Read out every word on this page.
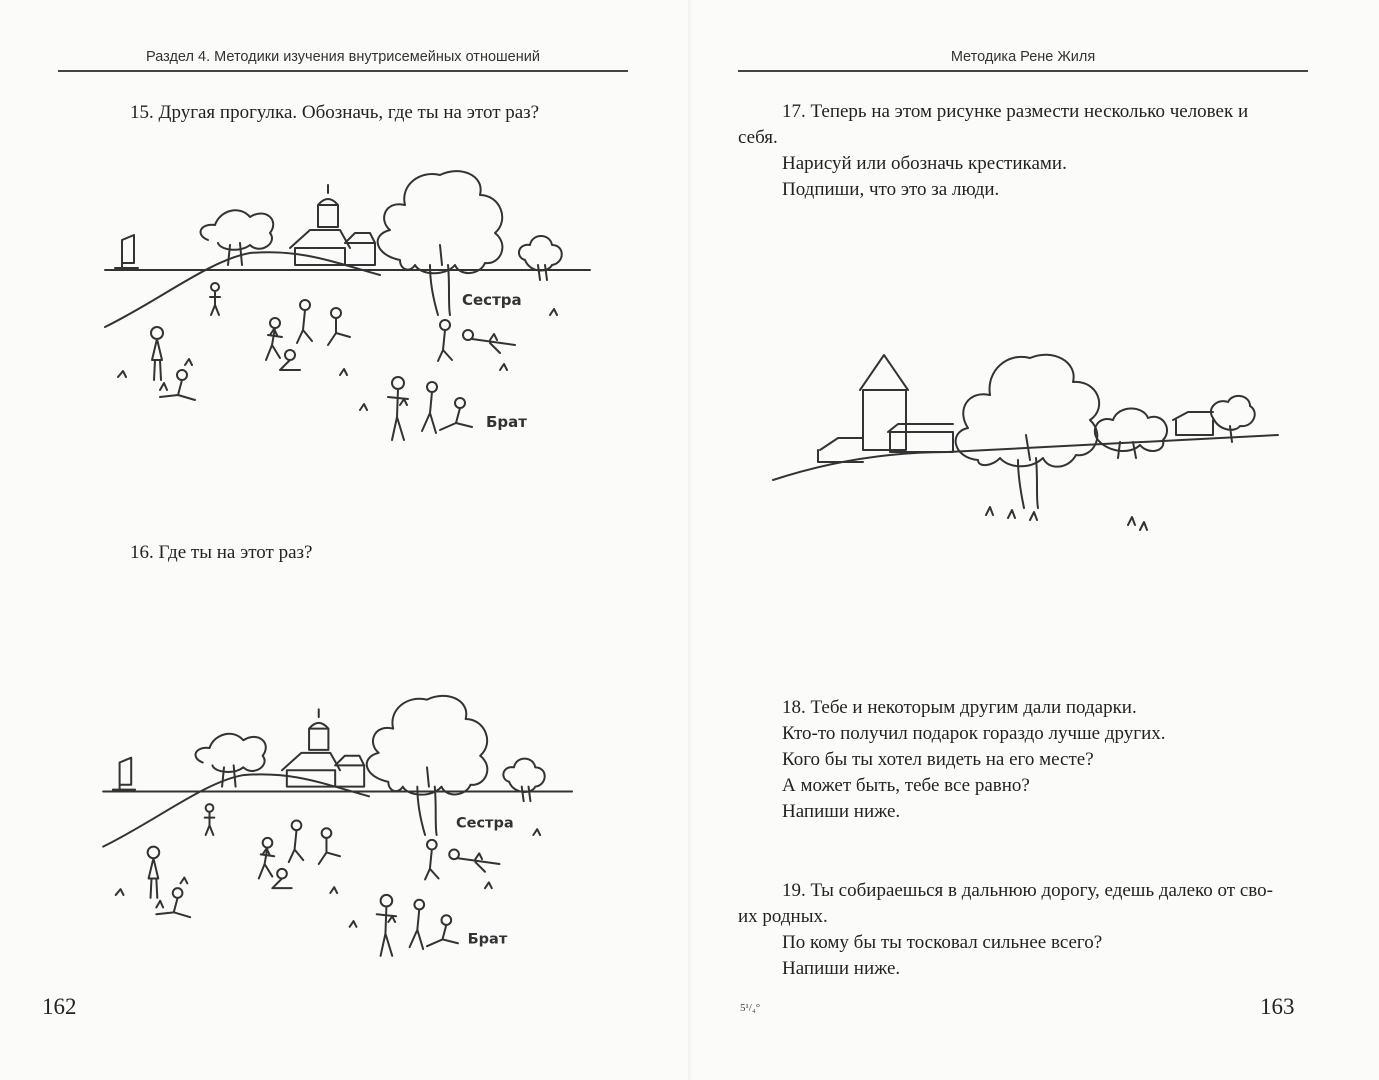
Раздел 4. Методики изучения внутрисемейных отношений
15. Другая прогулка. Обозначь, где ты на этот раз?
Сестра
Брат
16. Где ты на этот раз?
Сестра
Брат
162
Методика Рене Жиля
17. Теперь на этом рисунке размести несколько человек и
себя.
Нарисуй или обозначь крестиками.
Подпиши, что это за люди.
18. Тебе и некоторым другим дали подарки.
Кто-то получил подарок гораздо лучше других.
Кого бы ты хотел видеть на его месте?
А может быть, тебе все равно?
Напиши ниже.
19. Ты собираешься в дальнюю дорогу, едешь далеко от сво-
их родных.
По кому бы ты тосковал сильнее всего?
Напиши ниже.
5¹/₄°	163
